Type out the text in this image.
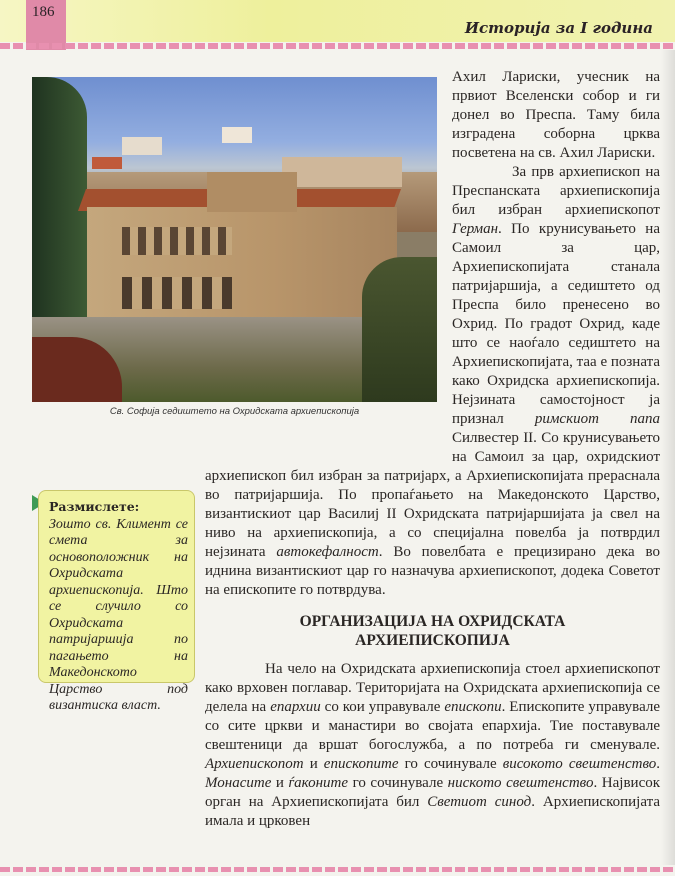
186
Историја за I година
Св. Софија седиштето на Охридската архиепископија

Ахил Лариски, учесник на првиот Вселенски собор и ги донел во Преспа. Таму била изградена соборна црква посветена на св. Ахил Лариски.

За прв архиепископ на Преспанската архиепископија бил избран архиепископот Герман. По крунисувањето на Самоил за цар, Архиепископијата станала патријаршија, а седиштето од Преспа било пренесено во Охрид. По градот Охрид, каде што се наоѓало седиштето на Архиепископијата, таа е позната како Охридска архиепископија. Нејзината самостојност ја признал римскиот папа Силвестер II. Со крунисувањето на Самоил за цар, охридскиот архиепископ бил избран за патријарх, а Архиепископијата прераснала во патријаршија. По пропаѓањето на Македонското Царство, византискиот цар Василиј II Охридската патријаршијата ја свел на ниво на архиепископија, а со специјална повелба ја потврдил нејзината автокефалност. Во повелбата е прецизирано дека во иднина византискиот цар го назначува архиепископот, додека Советот на епископите го потврдува.

ОРГАНИЗАЦИЈА НА ОХРИДСКАТА
АРХИЕПИСКОПИЈА

На чело на Охридската архиепископија стоел архиепископот како врховен поглавар. Територијата на Охридската архиепископија се делела на епархии со кои управувале епископи. Епископите управувале со сите цркви и манастири во својата епархија. Тие поставувале свештеници да вршат богослужба, а по потреба ги сменувале. Архиепископот и епископите го сочинувале високото свештенство. Монасите и ѓаконите го сочинувале ниското свештенство. Највисок орган на Архиепископијата бил Светиот синод. Архиепископијата имала и црковен

Размислете:
Зошто св. Климент се смета за основоположник на Охридската архиепископија. Што се случило со Охридската патријаршија по пагањето на Македонското Царство под византиска власт.
